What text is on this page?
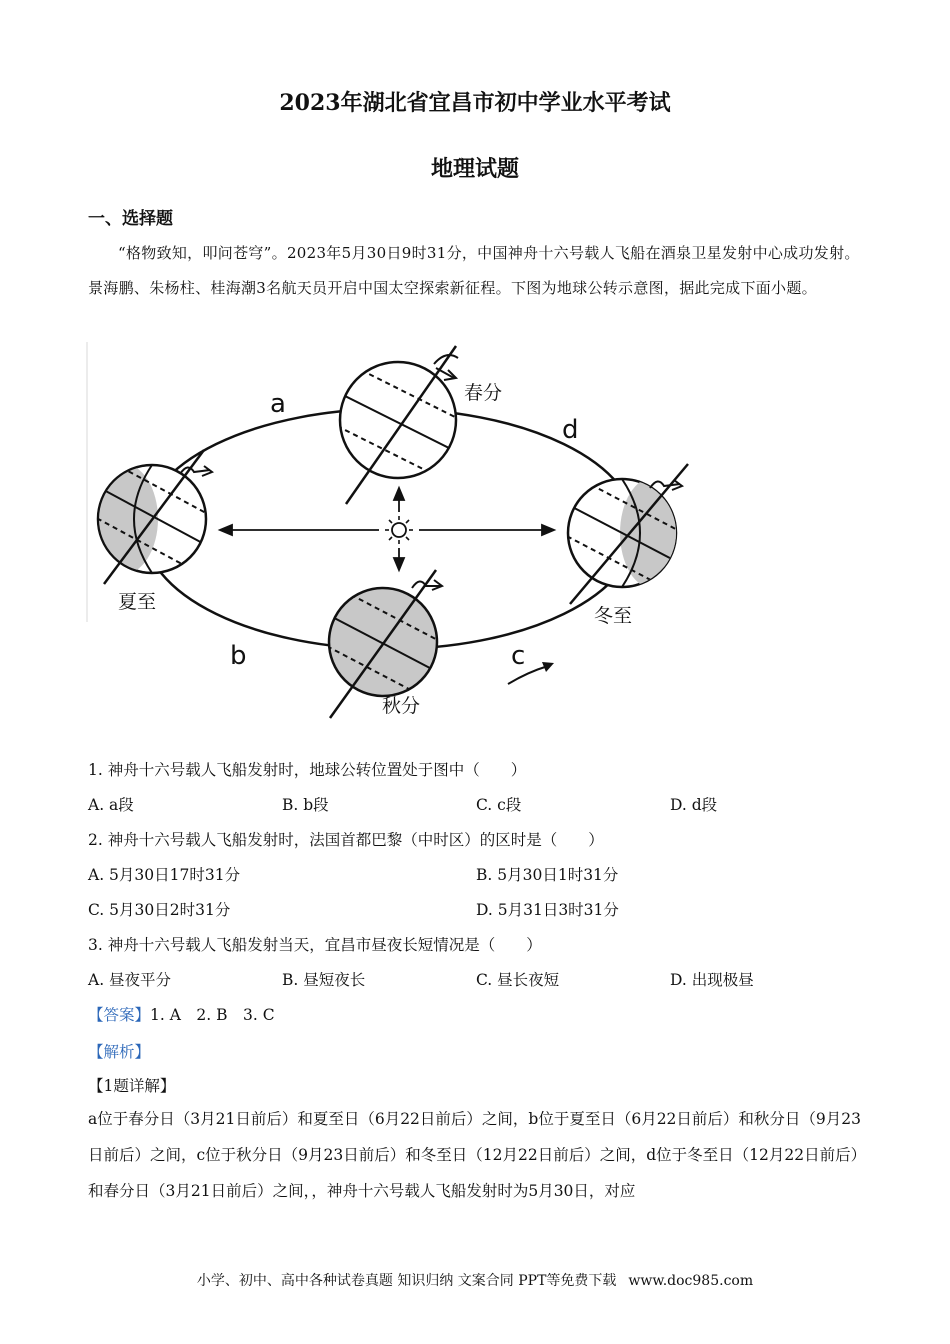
2023年湖北省宜昌市初中学业水平考试
地理试题
一、选择题
“格物致知，叩问苍穹”。2023年5月30日9时31分，中国神舟十六号载人飞船在酒泉卫星发射中心成功发射。景海鹏、朱杨柱、桂海潮3名航天员开启中国太空探索新征程。下图为地球公转示意图，据此完成下面小题。
a
b	c
d
春分
夏至
秋分
冬至
1. 神舟十六号载人飞船发射时，地球公转位置处于图中（　　）
A. a段	B. b段	C. c段	D. d段
2. 神舟十六号载人飞船发射时，法国首都巴黎（中时区）的区时是（　　）
A. 5月30日17时31分	B. 5月30日1时31分
C. 5月30日2时31分	D. 5月31日3时31分
3. 神舟十六号载人飞船发射当天，宜昌市昼夜长短情况是（　　）
A. 昼夜平分	B. 昼短夜长	C. 昼长夜短	D. 出现极昼
【答案】1. A　2. B　3. C
【解析】
【1题详解】
a位于春分日（3月21日前后）和夏至日（6月22日前后）之间，b位于夏至日（6月22日前后）和秋分日（9月23日前后）之间，c位于秋分日（9月23日前后）和冬至日（12月22日前后）之间，d位于冬至日（12月22日前后）和春分日（3月21日前后）之间，，神舟十六号载人飞船发射时为5月30日，对应
小学、初中、高中各种试卷真题 知识归纳 文案合同 PPT等免费下载 www.doc985.com
